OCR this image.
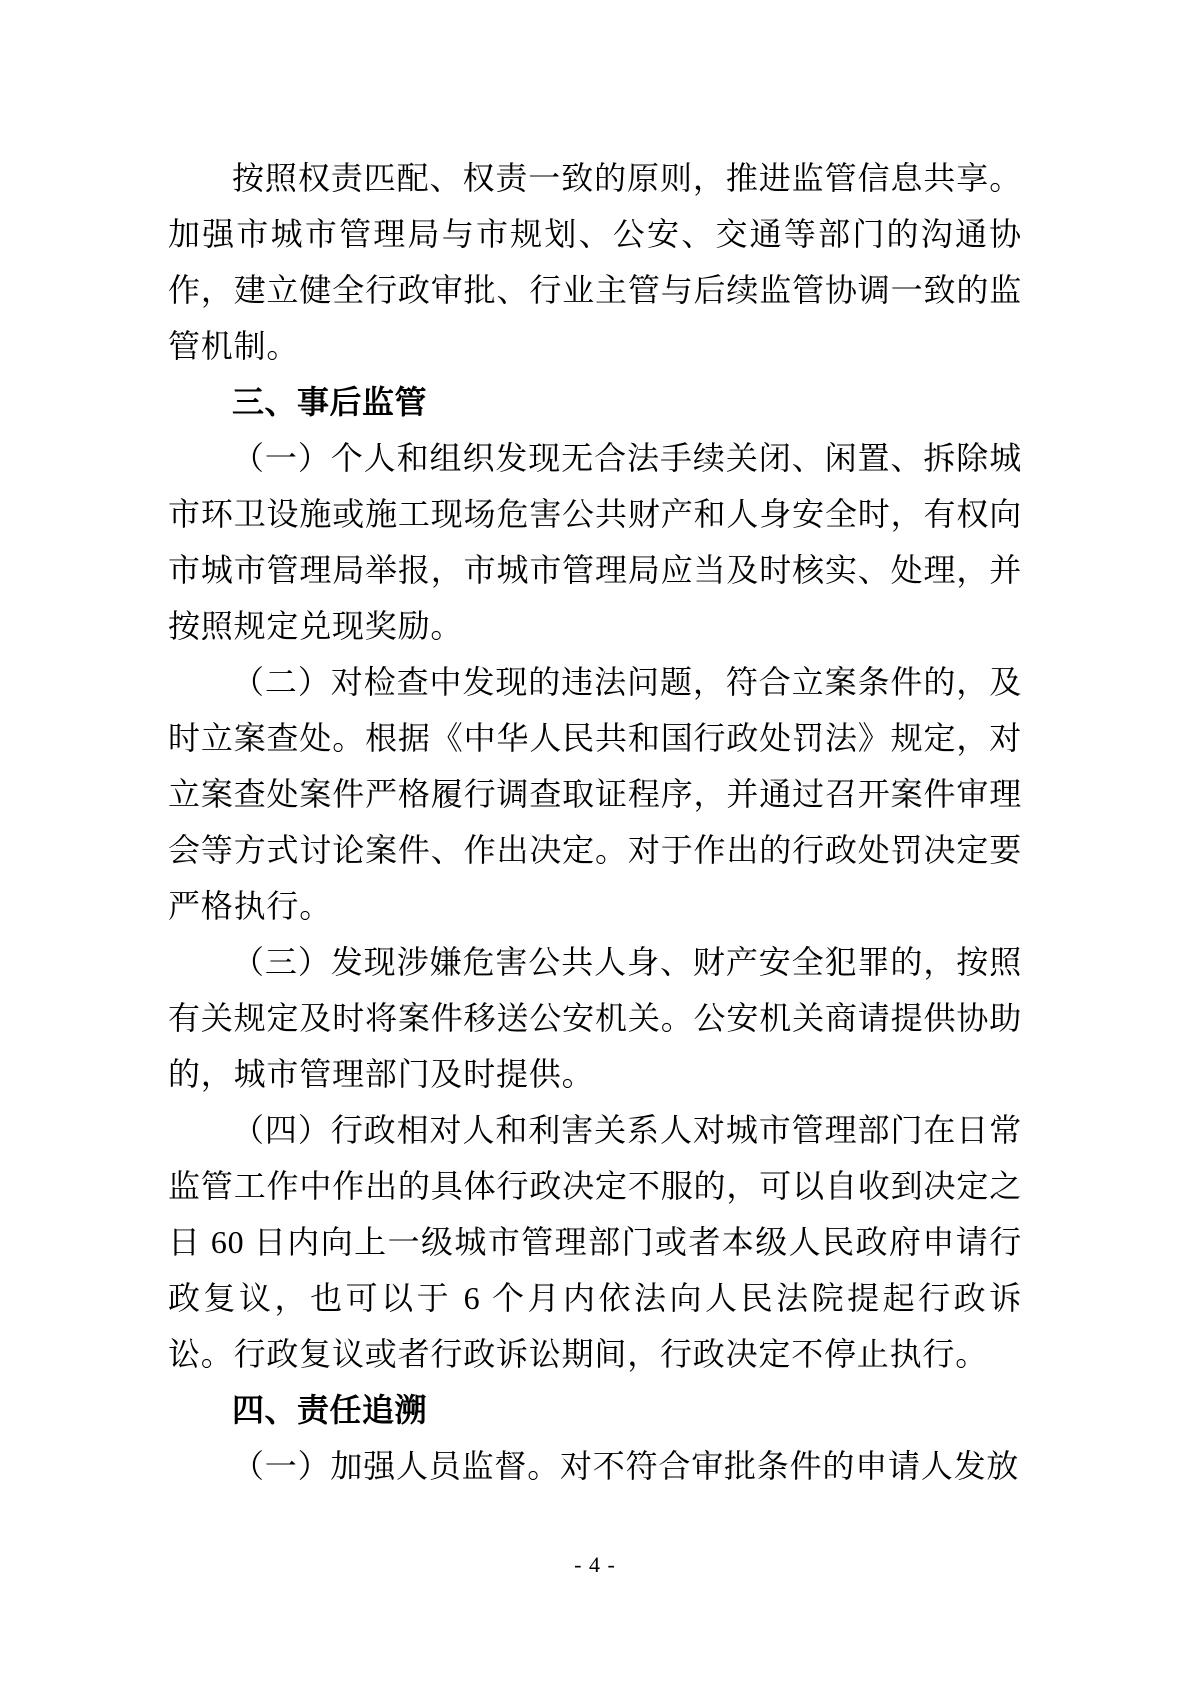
按照权责匹配、权责一致的原则，推进监管信息共享。加强市城市管理局与市规划、公安、交通等部门的沟通协作，建立健全行政审批、行业主管与后续监管协调一致的监管机制。

三、事后监管

（一）个人和组织发现无合法手续关闭、闲置、拆除城市环卫设施或施工现场危害公共财产和人身安全时，有权向市城市管理局举报，市城市管理局应当及时核实、处理，并按照规定兑现奖励。

（二）对检查中发现的违法问题，符合立案条件的，及时立案查处。根据《中华人民共和国行政处罚法》规定，对立案查处案件严格履行调查取证程序，并通过召开案件审理会等方式讨论案件、作出决定。对于作出的行政处罚决定要严格执行。

（三）发现涉嫌危害公共人身、财产安全犯罪的，按照有关规定及时将案件移送公安机关。公安机关商请提供协助的，城市管理部门及时提供。

（四）行政相对人和利害关系人对城市管理部门在日常监管工作中作出的具体行政决定不服的，可以自收到决定之日 60 日内向上一级城市管理部门或者本级人民政府申请行政复议，也可以于 6 个月内依法向人民法院提起行政诉讼。行政复议或者行政诉讼期间，行政决定不停止执行。

四、责任追溯

（一）加强人员监督。对不符合审批条件的申请人发放

- 4 -
